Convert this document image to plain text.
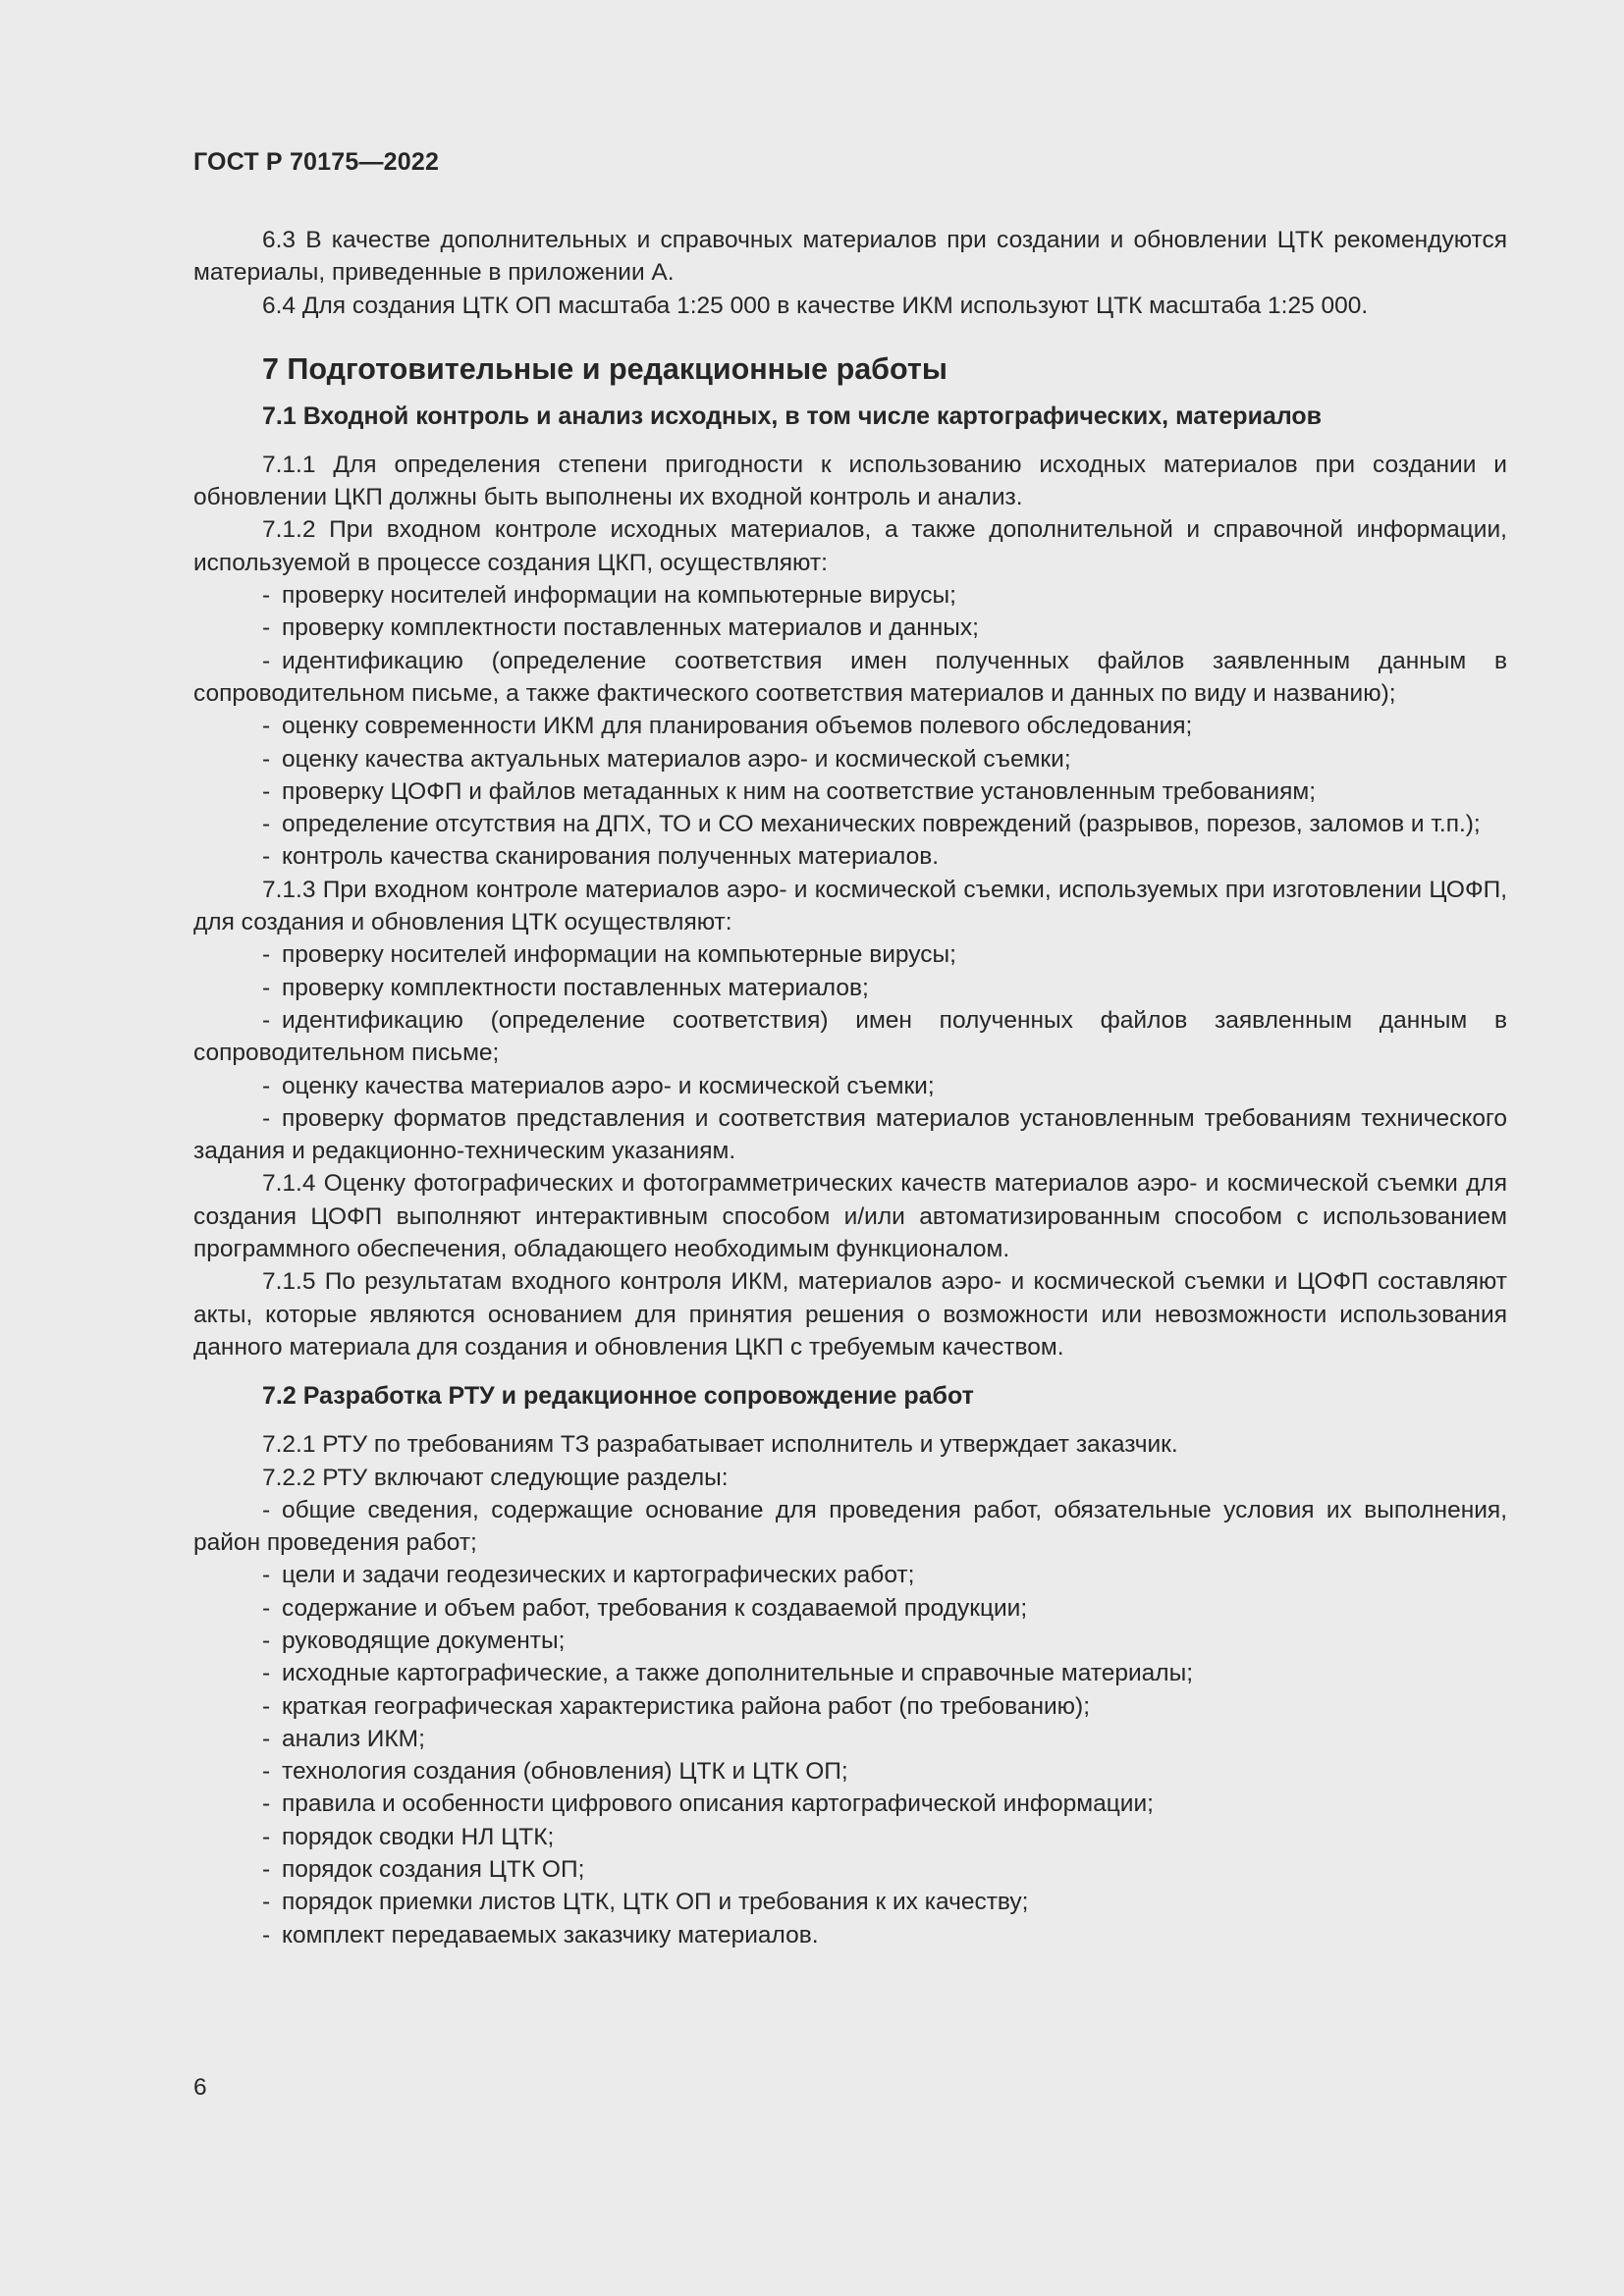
ГОСТ Р 70175—2022

6.3 В качестве дополнительных и справочных материалов при создании и обновлении ЦТК рекомендуются материалы, приведенные в приложении А.

6.4 Для создания ЦТК ОП масштаба 1:25 000 в качестве ИКМ используют ЦТК масштаба 1:25 000.

7 Подготовительные и редакционные работы
7.1 Входной контроль и анализ исходных, в том числе картографических, материалов

7.1.1 Для определения степени пригодности к использованию исходных материалов при создании и обновлении ЦКП должны быть выполнены их входной контроль и анализ.

7.1.2 При входном контроле исходных материалов, а также дополнительной и справочной информации, используемой в процессе создания ЦКП, осуществляют:

- проверку носителей информации на компьютерные вирусы;

- проверку комплектности поставленных материалов и данных;

- идентификацию (определение соответствия имен полученных файлов заявленным данным в сопроводительном письме, а также фактического соответствия материалов и данных по виду и названию);

- оценку современности ИКМ для планирования объемов полевого обследования;

- оценку качества актуальных материалов аэро- и космической съемки;

- проверку ЦОФП и файлов метаданных к ним на соответствие установленным требованиям;

- определение отсутствия на ДПХ, ТО и СО механических повреждений (разрывов, порезов, заломов и т.п.);

- контроль качества сканирования полученных материалов.

7.1.3 При входном контроле материалов аэро- и космической съемки, используемых при изготовлении ЦОФП, для создания и обновления ЦТК осуществляют:

- проверку носителей информации на компьютерные вирусы;

- проверку комплектности поставленных материалов;

- идентификацию (определение соответствия) имен полученных файлов заявленным данным в сопроводительном письме;

- оценку качества материалов аэро- и космической съемки;

- проверку форматов представления и соответствия материалов установленным требованиям технического задания и редакционно-техническим указаниям.

7.1.4 Оценку фотографических и фотограмметрических качеств материалов аэро- и космической съемки для создания ЦОФП выполняют интерактивным способом и/или автоматизированным способом с использованием программного обеспечения, обладающего необходимым функционалом.

7.1.5 По результатам входного контроля ИКМ, материалов аэро- и космической съемки и ЦОФП составляют акты, которые являются основанием для принятия решения о возможности или невозможности использования данного материала для создания и обновления ЦКП с требуемым качеством.

7.2 Разработка РТУ и редакционное сопровождение работ

7.2.1 РТУ по требованиям ТЗ разрабатывает исполнитель и утверждает заказчик.

7.2.2 РТУ включают следующие разделы:

- общие сведения, содержащие основание для проведения работ, обязательные условия их выполнения, район проведения работ;

- цели и задачи геодезических и картографических работ;

- содержание и объем работ, требования к создаваемой продукции;

- руководящие документы;

- исходные картографические, а также дополнительные и справочные материалы;

- краткая географическая характеристика района работ (по требованию);

- анализ ИКМ;

- технология создания (обновления) ЦТК и ЦТК ОП;

- правила и особенности цифрового описания картографической информации;

- порядок сводки НЛ ЦТК;

- порядок создания ЦТК ОП;

- порядок приемки листов ЦТК, ЦТК ОП и требования к их качеству;

- комплект передаваемых заказчику материалов.

6
